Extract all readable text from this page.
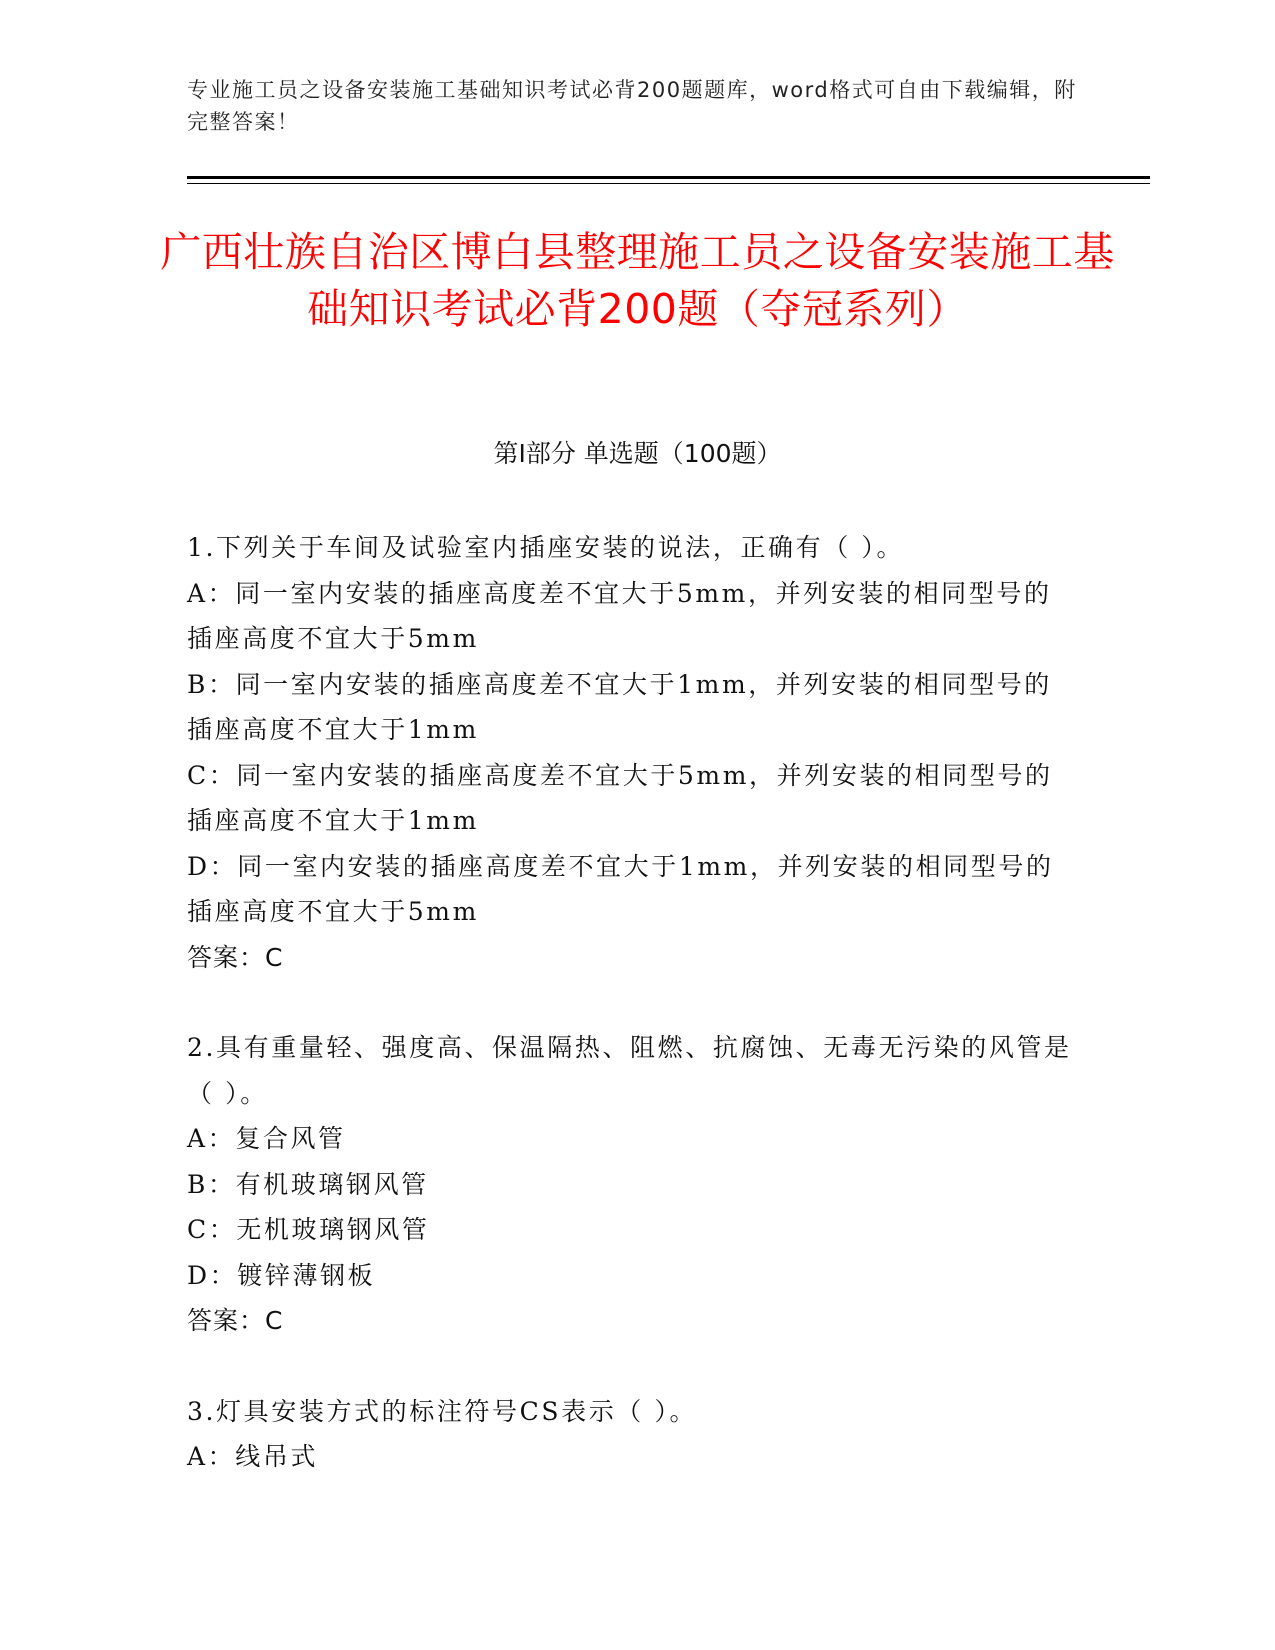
专业施工员之设备安装施工基础知识考试必背200题题库，word格式可自由下载编辑，附完整答案！
广西壮族自治区博白县整理施工员之设备安装施工基础知识考试必背200题（夺冠系列）
第Ⅰ部分 单选题（100题）
1.下列关于车间及试验室内插座安装的说法，正确有（ ）。
A：同一室内安装的插座高度差不宜大于5mm，并列安装的相同型号的插座高度不宜大于5mm
B：同一室内安装的插座高度差不宜大于1mm，并列安装的相同型号的插座高度不宜大于1mm
C：同一室内安装的插座高度差不宜大于5mm，并列安装的相同型号的插座高度不宜大于1mm
D：同一室内安装的插座高度差不宜大于1mm，并列安装的相同型号的插座高度不宜大于5mm
答案：C
2.具有重量轻、强度高、保温隔热、阻燃、抗腐蚀、无毒无污染的风管是（ ）。
A：复合风管
B：有机玻璃钢风管
C：无机玻璃钢风管
D：镀锌薄钢板
答案：C
3.灯具安装方式的标注符号CS表示（ ）。
A：线吊式
